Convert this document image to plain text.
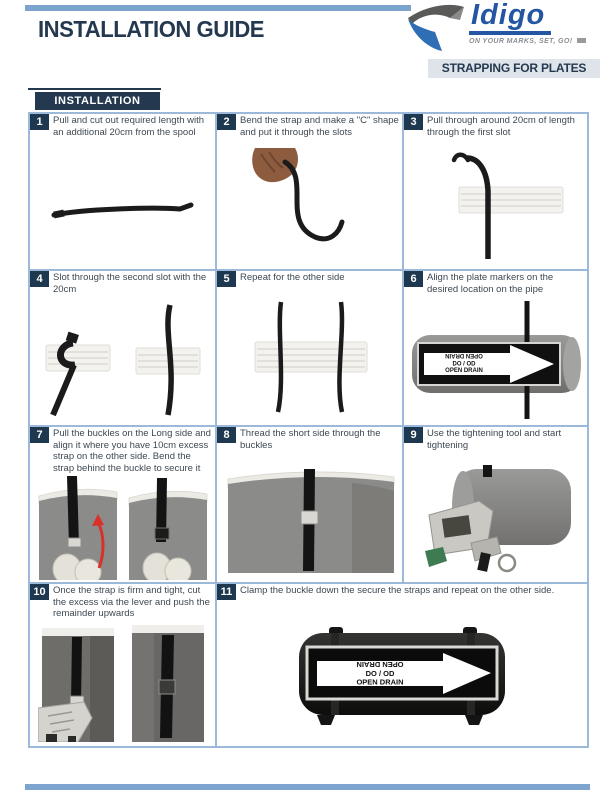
INSTALLATION GUIDE	Idigo
ON YOUR MARKS, SET, GO!
STRAPPING FOR PLATES
INSTALLATION
1	Pull and cut out required length with an additional 20cm from the spool

2	Bend the strap and make a "C" shape and put it through the slots

3	Pull through around 20cm of length through the first slot

4	Slot through the second slot with the 20cm

5	Repeat for the other side	6	Align the plate markers on the desired location on the pipe

OPEN DRAIN
DO / OD
OPEN DRAIN
7	Pull the buckles on the Long side and align it where you have 10cm excess strap on the other side. Bend the strap behind the buckle to secure it

8	Thread the short side through the buckles

9	Use the tightening tool and start tightening

10 Once the strap is firm and tight, cut the excess via the lever and push the remainder upwards

11 Clamp the buckle down the secure the straps and repeat on the other side.

OPEN DRAIN
DO / OD
OPEN DRAIN
